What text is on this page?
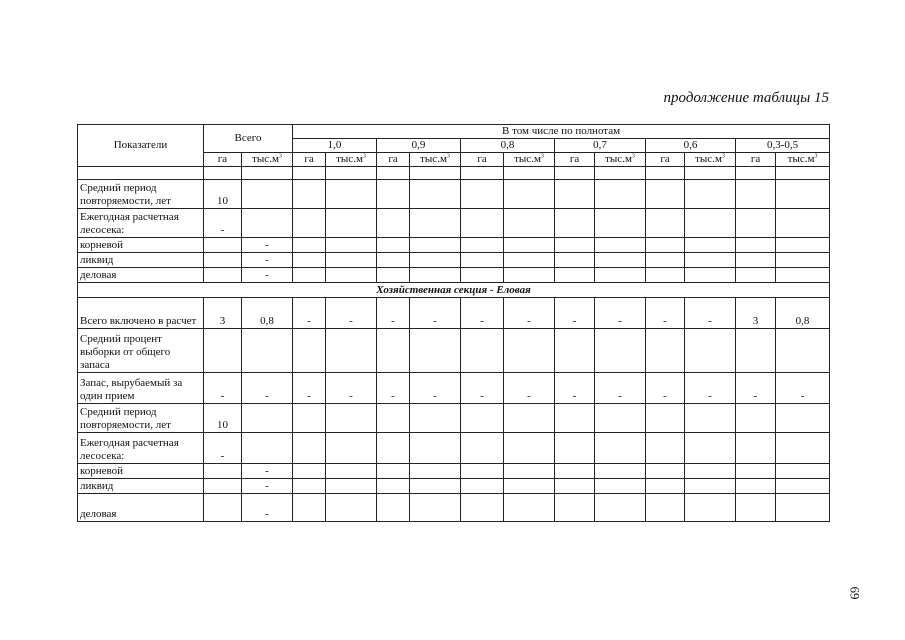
продолжение таблицы 15
Показатели	Всего		В том числе по полнотам											
			1,0		0,9		0,8		0,7		0,6		0,3-0,5	
	га	$тыс.м^3$	га	$тыс.м^3$	га	$тыс.м^3$	га	$тыс.м^3$	га	$тыс.м^3$	га	$тыс.м^3$	га	$тыс.м^3$

Средний период повторяемости, лет	10													
Ежегодная расчетная лесосека:	-													
корневой		-												
ликвид		-												
деловая		-												
Хозяйственная секция - Еловая														
Всего включено в расчет	3	0,8	-	-	-	-	-	-	-	-	-	-	3	0,8
Средний процент выборки от общего запаса														
Запас, вырубаемый за один прием	-	-	-	-	-	-	-	-	-	-	-	-	-	-
Средний период повторяемости, лет	10													
Ежегодная расчетная лесосека:	-													
корневой		-												
ликвид		-												
деловая		-												
69
